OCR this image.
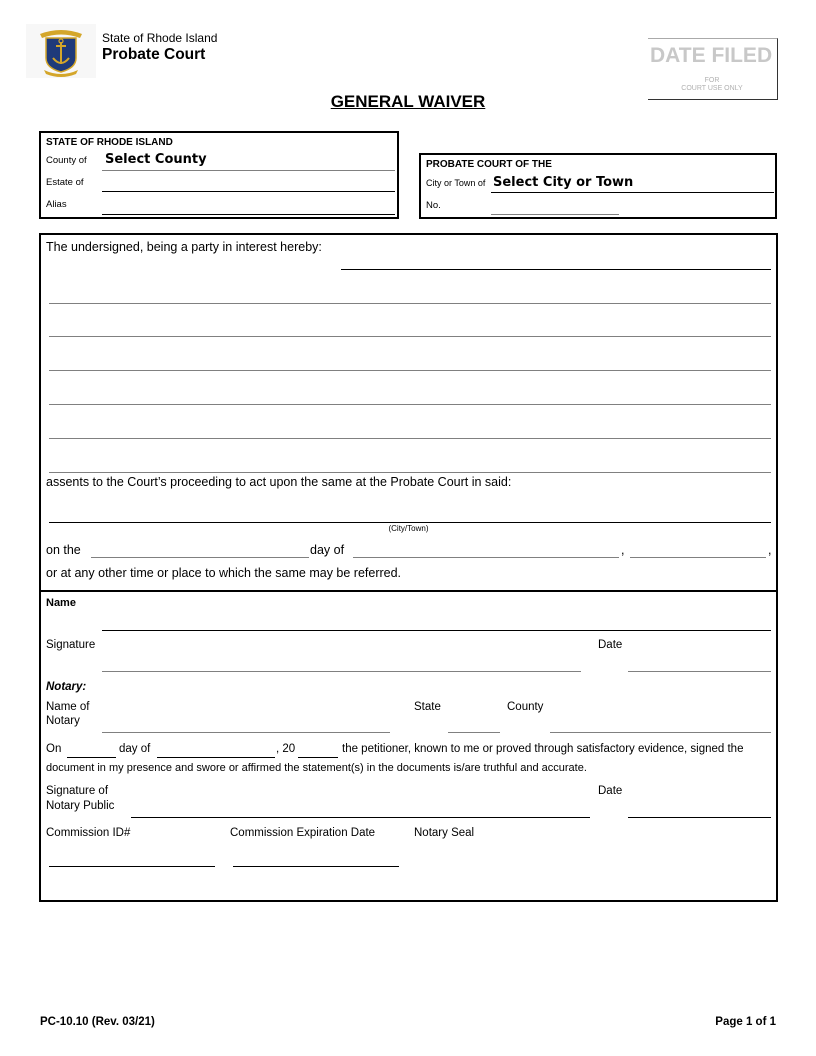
State of Rhode Island
Probate Court	DATE FILED
FOR
COURT USE ONLY
GENERAL WAIVER
STATE OF RHODE ISLAND
County of Select County
Estate of
Alias
PROBATE COURT OF THE
City or Town of Select City or Town
No.
The undersigned, being a party in interest hereby:
assents to the Court’s proceeding to act upon the same at the Probate Court in said:
(City/Town)
on the	day of	,	,
or at any other time or place to which the same may be referred.
Name
Signature	Date
Notary:
Name of
Notary
State	County
On	day of	, 20	the petitioner, known to me or proved through satisfactory evidence, signed the
document in my presence and swore or affirmed the statement(s) in the documents is/are truthful and accurate.
Signature of
Notary Public
Date
Commission ID#	Commission Expiration Date	Notary Seal
PC-10.10 (Rev. 03/21)	Page 1 of 1
